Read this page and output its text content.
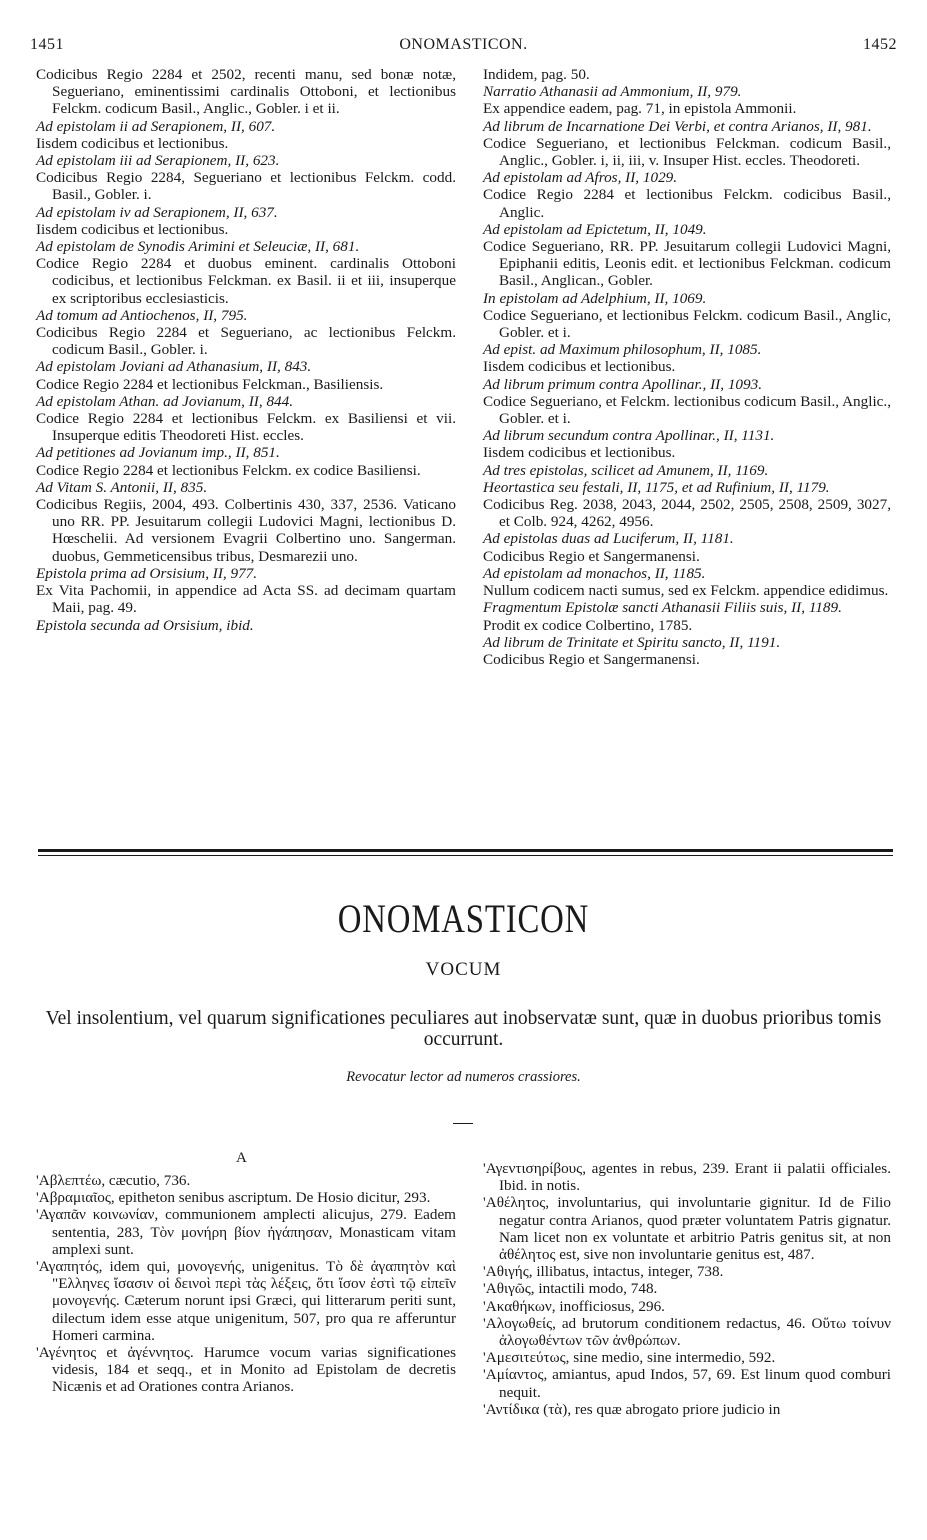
1451	ONOMASTICON.	1452

Codicibus Regio 2284 et 2502, recenti manu, sed bonæ notæ, Segueriano, eminentissimi cardinalis Ottoboni, et lectionibus Felckm. codicum Basil., Anglic., Gobler. i et ii.

Ad epistolam ii ad Serapionem, II, 607.

Iisdem codicibus et lectionibus.

Ad epistolam iii ad Serapionem, II, 623.

Codicibus Regio 2284, Segueriano et lectionibus Felckm. codd. Basil., Gobler. i.

Ad epistolam iv ad Serapionem, II, 637.

Iisdem codicibus et lectionibus.

Ad epistolam de Synodis Arimini et Seleuciæ, II, 681.

Codice Regio 2284 et duobus eminent. cardinalis Ottoboni codicibus, et lectionibus Felckman. ex Basil. ii et iii, insuperque ex scriptoribus ecclesiasticis.

Ad tomum ad Antiochenos, II, 795.

Codicibus Regio 2284 et Segueriano, ac lectionibus Felckm. codicum Basil., Gobler. i.

Ad epistolam Joviani ad Athanasium, II, 843.

Codice Regio 2284 et lectionibus Felckman., Basiliensis.

Ad epistolam Athan. ad Jovianum, II, 844.

Codice Regio 2284 et lectionibus Felckm. ex Basiliensi et vii. Insuperque editis Theodoreti Hist. eccles.

Ad petitiones ad Jovianum imp., II, 851.

Codice Regio 2284 et lectionibus Felckm. ex codice Basiliensi.

Ad Vitam S. Antonii, II, 835.

Codicibus Regiis, 2004, 493. Colbertinis 430, 337, 2536. Vaticano uno RR. PP. Jesuitarum collegii Ludovici Magni, lectionibus D. Hœschelii. Ad versionem Evagrii Colbertino uno. Sangerman. duobus, Gemmeticensibus tribus, Desmarezii uno.

Epistola prima ad Orsisium, II, 977.

Ex Vita Pachomii, in appendice ad Acta SS. ad decimam quartam Maii, pag. 49.

Epistola secunda ad Orsisium, ibid.

Indidem, pag. 50.

Narratio Athanasii ad Ammonium, II, 979.

Ex appendice eadem, pag. 71, in epistola Ammonii.

Ad librum de Incarnatione Dei Verbi, et contra Arianos, II, 981.

Codice Segueriano, et lectionibus Felckman. codicum Basil., Anglic., Gobler. i, ii, iii, v. Insuper Hist. eccles. Theodoreti.

Ad epistolam ad Afros, II, 1029.

Codice Regio 2284 et lectionibus Felckm. codicibus Basil., Anglic.

Ad epistolam ad Epictetum, II, 1049.

Codice Segueriano, RR. PP. Jesuitarum collegii Ludovici Magni, Epiphanii editis, Leonis edit. et lectionibus Felckman. codicum Basil., Anglican., Gobler.

In epistolam ad Adelphium, II, 1069.

Codice Segueriano, et lectionibus Felckm. codicum Basil., Anglic, Gobler. et i.

Ad epist. ad Maximum philosophum, II, 1085.

Iisdem codicibus et lectionibus.

Ad librum primum contra Apollinar., II, 1093.

Codice Segueriano, et Felckm. lectionibus codicum Basil., Anglic., Gobler. et i.

Ad librum secundum contra Apollinar., II, 1131.

Iisdem codicibus et lectionibus.

Ad tres epistolas, scilicet ad Amunem, II, 1169.

Heortastica seu festali, II, 1175, et ad Rufinium, II, 1179.

Codicibus Reg. 2038, 2043, 2044, 2502, 2505, 2508, 2509, 3027, et Colb. 924, 4262, 4956.

Ad epistolas duas ad Luciferum, II, 1181.

Codicibus Regio et Sangermanensi.

Ad epistolam ad monachos, II, 1185.

Nullum codicem nacti sumus, sed ex Felckm. appendice edidimus.

Fragmentum Epistolæ sancti Athanasii Filiis suis, II, 1189.

Prodit ex codice Colbertino, 1785.

Ad librum de Trinitate et Spiritu sancto, II, 1191.

Codicibus Regio et Sangermanensi.

ONOMASTICON
VOCUM
Vel insolentium, vel quarum significationes peculiares aut inobservatæ sunt, quæ in duobus prioribus tomis occurrunt.
Revocatur lector ad numeros crassiores.
A

'Αβλεπτέω, cæcutio, 736.

'Αβραμιαῖος, epitheton senibus ascriptum. De Hosio dicitur, 293.

'Αγαπᾶν κοινωνίαν, communionem amplecti alicujus, 279. Eadem sententia, 283, Τὸν μονήρη βίον ἠγάπησαν, Monasticam vitam amplexi sunt.

'Αγαπητός, idem qui, μονογενής, unigenitus. Τὸ δὲ ἀγαπητὸν καὶ "Ελληνες ἴσασιν οἱ δεινοὶ περὶ τὰς λέξεις, ὅτι ἴσον ἐστὶ τῷ εἰπεῖν μονογενής. Cæterum norunt ipsi Græci, qui litterarum periti sunt, dilectum idem esse atque unigenitum, 507, pro qua re afferuntur Homeri carmina.

'Αγένητος et ἀγέννητος. Harumce vocum varias significationes videsis, 184 et seqq., et in Monito ad Epistolam de decretis Nicænis et ad Orationes contra Arianos.

'Αγεντισηρίβους, agentes in rebus, 239. Erant ii palatii officiales. Ibid. in notis.

'Αθέλητος, involuntarius, qui involuntarie gignitur. Id de Filio negatur contra Arianos, quod præter voluntatem Patris gignatur. Nam licet non ex voluntate et arbitrio Patris genitus sit, at non ἀθέλητος est, sive non involuntarie genitus est, 487.

'Αθιγής, illibatus, intactus, integer, 738.

'Αθιγῶς, intactili modo, 748.

'Ακαθήκων, inofficiosus, 296.

'Αλογωθείς, ad brutorum conditionem redactus, 46. Οὕτω τοίνυν ἀλογωθέντων τῶν ἀνθρώπων.

'Αμεσιτεύτως, sine medio, sine intermedio, 592.

'Αμίαντος, amiantus, apud Indos, 57, 69. Est linum quod comburi nequit.

'Αντίδικα (τὰ), res quæ abrogato priore judicio in
